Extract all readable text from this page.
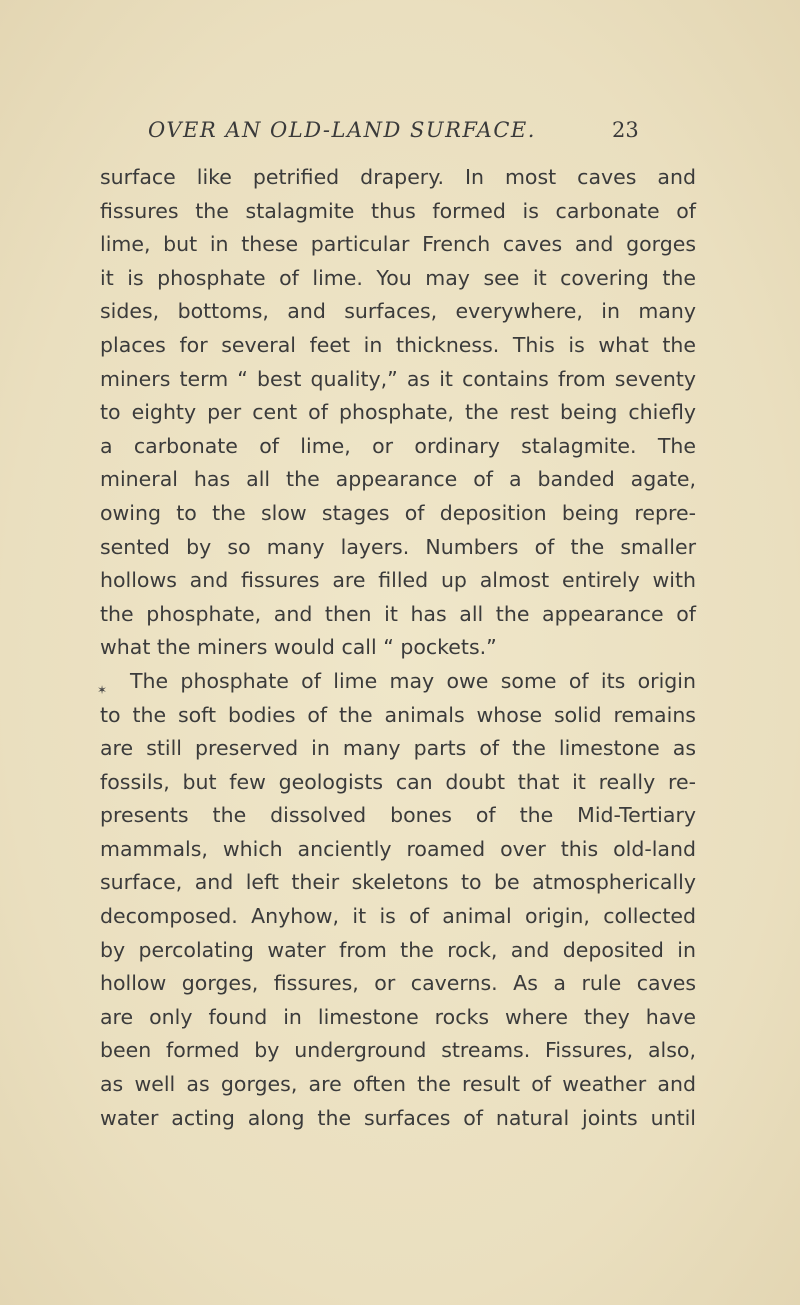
OVER AN OLD-LAND SURFACE.	23
✶
surface like petrified drapery. In most caves and
fissures the stalagmite thus formed is carbonate of
lime, but in these particular French caves and gorges
it is phosphate of lime. You may see it covering the
sides, bottoms, and surfaces, everywhere, in many
places for several feet in thickness. This is what the
miners term “ best quality,” as it contains from seventy
to eighty per cent of phosphate, the rest being chiefly
a carbonate of lime, or ordinary stalagmite. The
mineral has all the appearance of a banded agate,
owing to the slow stages of deposition being repre-
sented by so many layers. Numbers of the smaller
hollows and fissures are filled up almost entirely with
the phosphate, and then it has all the appearance of
what the miners would call “ pockets.”
The phosphate of lime may owe some of its origin
to the soft bodies of the animals whose solid remains
are still preserved in many parts of the limestone as
fossils, but few geologists can doubt that it really re-
presents the dissolved bones of the Mid-Tertiary
mammals, which anciently roamed over this old-land
surface, and left their skeletons to be atmospherically
decomposed. Anyhow, it is of animal origin, collected
by percolating water from the rock, and deposited in
hollow gorges, fissures, or caverns. As a rule caves
are only found in limestone rocks where they have
been formed by underground streams. Fissures, also,
as well as gorges, are often the result of weather and
water acting along the surfaces of natural joints until
